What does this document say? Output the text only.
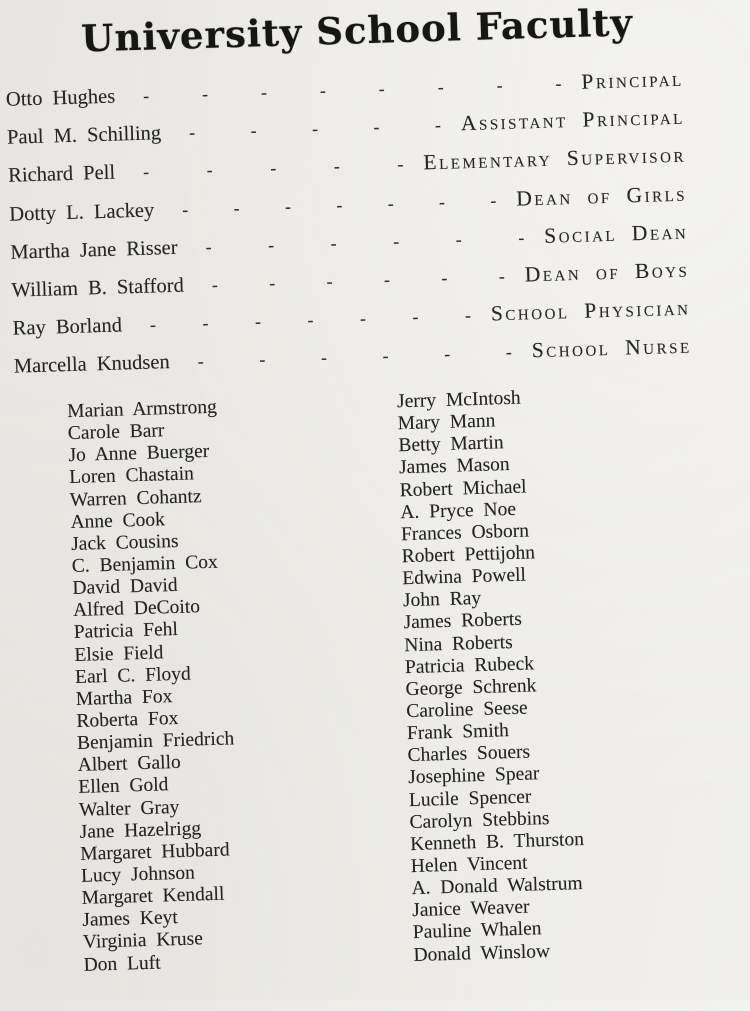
University School Faculty
Otto Hughes	- - - - - - - - Principal
Paul M. Schilling	- - - - - Assistant Principal
Richard Pell	- - - - - Elementary Supervisor
Dotty L. Lackey	- - - - - - - Dean of Girls
Martha Jane Risser	- - - - - - Social Dean
William B. Stafford	- - - - - - Dean of Boys
Ray Borland	- - - - - - - School Physician
Marcella Knudsen	- - - - - - School Nurse
Marian Armstrong
Carole Barr
Jo Anne Buerger
Loren Chastain
Warren Cohantz
Anne Cook
Jack Cousins
C. Benjamin Cox
David David
Alfred DeCoito
Patricia Fehl
Elsie Field
Earl C. Floyd
Martha Fox
Roberta Fox
Benjamin Friedrich
Albert Gallo
Ellen Gold
Walter Gray
Jane Hazelrigg
Margaret Hubbard
Lucy Johnson
Margaret Kendall
James Keyt
Virginia Kruse
Don Luft
Jerry McIntosh
Mary Mann
Betty Martin
James Mason
Robert Michael
A. Pryce Noe
Frances Osborn
Robert Pettijohn
Edwina Powell
John Ray
James Roberts
Nina Roberts
Patricia Rubeck
George Schrenk
Caroline Seese
Frank Smith
Charles Souers
Josephine Spear
Lucile Spencer
Carolyn Stebbins
Kenneth B. Thurston
Helen Vincent
A. Donald Walstrum
Janice Weaver
Pauline Whalen
Donald Winslow
